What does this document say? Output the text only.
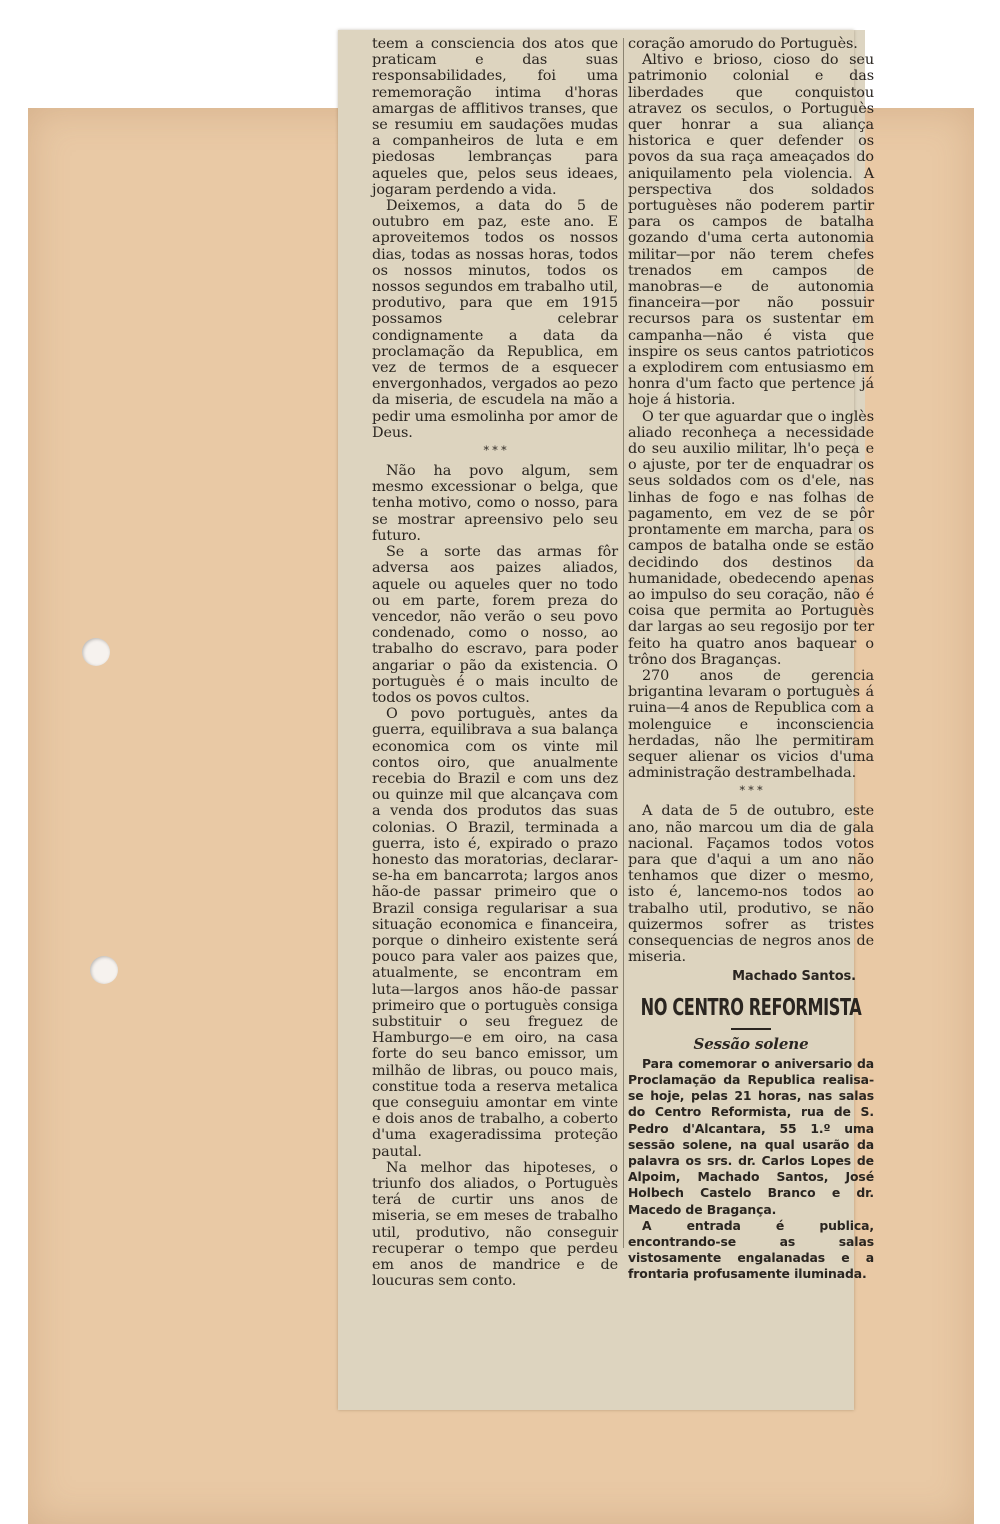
teem a consciencia dos atos que praticam e das suas responsabilidades, foi uma rememoração intima d'horas amargas de afflitivos transes, que se resumiu em saudações mudas a companheiros de luta e em piedosas lembranças para aqueles que, pelos seus ideaes, jogaram perdendo a vida.

Deixemos, a data do 5 de outubro em paz, este ano. E aproveitemos todos os nossos dias, todas as nossas horas, todos os nossos minutos, todos os nossos segundos em trabalho util, produtivo, para que em 1915 possamos celebrar condignamente a data da proclamação da Republica, em vez de termos de a esquecer envergonhados, vergados ao pezo da miseria, de escudela na mão a pedir uma esmolinha por amor de Deus.

* * *

Não ha povo algum, sem mesmo excessionar o belga, que tenha motivo, como o nosso, para se mostrar apreensivo pelo seu futuro.

Se a sorte das armas fôr adversa aos paizes aliados, aquele ou aqueles quer no todo ou em parte, forem preza do vencedor, não verão o seu povo condenado, como o nosso, ao trabalho do escravo, para poder angariar o pão da existencia. O portuguès é o mais inculto de todos os povos cultos.

O povo portuguès, antes da guerra, equilibrava a sua balança economica com os vinte mil contos oiro, que anualmente recebia do Brazil e com uns dez ou quinze mil que alcançava com a venda dos produtos das suas colonias. O Brazil, terminada a guerra, isto é, expirado o prazo honesto das moratorias, declarar-se-ha em bancarrota; largos anos hão-de passar primeiro que o Brazil consiga regularisar a sua situação economica e financeira, porque o dinheiro existente será pouco para valer aos paizes que, atualmente, se encontram em luta—largos anos hão-de passar primeiro que o portuguès consiga substituir o seu freguez de Hamburgo—e em oiro, na casa forte do seu banco emissor, um milhão de libras, ou pouco mais, constitue toda a reserva metalica que conseguiu amontar em vinte e dois anos de trabalho, a coberto d'uma exageradissima proteção pautal.

Na melhor das hipoteses, o triunfo dos aliados, o Portuguès terá de curtir uns anos de miseria, se em meses de trabalho util, produtivo, não conseguir recuperar o tempo que perdeu em anos de mandrice e de loucuras sem conto.

coração amorudo do Portuguès.

Altivo e brioso, cioso do seu patrimonio colonial e das liberdades que conquistou atravez os seculos, o Portuguès quer honrar a sua aliança historica e quer defender os povos da sua raça ameaçados do aniquilamento pela violencia. A perspectiva dos soldados portuguèses não poderem partir para os campos de batalha gozando d'uma certa autonomia militar—por não terem chefes trenados em campos de manobras—e de autonomia financeira—por não possuir recursos para os sustentar em campanha—não é vista que inspire os seus cantos patrioticos a explodirem com entusiasmo em honra d'um facto que pertence já hoje á historia.

O ter que aguardar que o inglès aliado reconheça a necessidade do seu auxilio militar, lh'o peça e o ajuste, por ter de enquadrar os seus soldados com os d'ele, nas linhas de fogo e nas folhas de pagamento, em vez de se pôr prontamente em marcha, para os campos de batalha onde se estão decidindo dos destinos da humanidade, obedecendo apenas ao impulso do seu coração, não é coisa que permita ao Portuguès dar largas ao seu regosijo por ter feito ha quatro anos baquear o trôno dos Braganças.

270 anos de gerencia brigantina levaram o portuguès á ruina—4 anos de Republica com a molenguice e inconsciencia herdadas, não lhe permitiram sequer alienar os vicios d'uma administração destrambelhada.

* * *

A data de 5 de outubro, este ano, não marcou um dia de gala nacional. Façamos todos votos para que d'aqui a um ano não tenhamos que dizer o mesmo, isto é, lancemo-nos todos ao trabalho util, produtivo, se não quizermos sofrer as tristes consequencias de negros anos de miseria.

Machado Santos.
NO CENTRO REFORMISTA
Sessão solene

Para comemorar o aniversario da Proclamação da Republica realisa-se hoje, pelas 21 horas, nas salas do Centro Reformista, rua de S. Pedro d'Alcantara, 55 1.º uma sessão solene, na qual usarão da palavra os srs. dr. Carlos Lopes de Alpoim, Machado Santos, José Holbech Castelo Branco e dr. Macedo de Bragança.

A entrada é publica, encontrando-se as salas vistosamente engalanadas e a frontaria profusamente iluminada.
